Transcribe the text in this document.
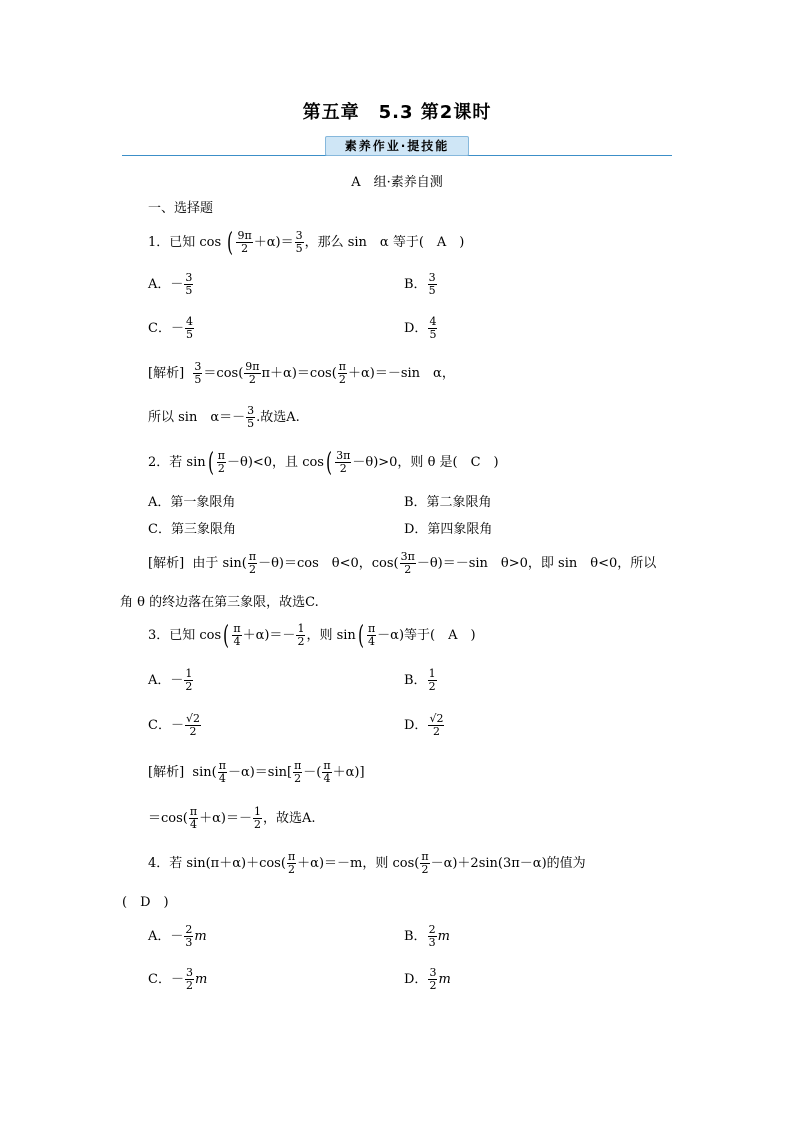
第五章　5.3 第2课时
素养作业·提技能
A　组·素养自测
一、选择题
1．已知 cos ( $\frac{9\pi}{2} +\alpha)= \frac{3}{5}$ ，那么 sin　α 等于(　A　)
A．－ $\frac{3}{5}$	B． $\frac{3}{5}$
C．－ $\frac{4}{5}$	D． $\frac{4}{5}$
[解析] $\frac{3}{5} =\cos( \frac{9\pi}{2} \pi+\alpha)=\cos( \frac{\pi}{2} +\alpha)=-\sin$　α，
所以 sin　$\alpha=- \frac{3}{5}$ .故选A.
2．若 $\sin( \frac{\pi}{2} -\theta)<0$，且 $\cos( \frac{3\pi}{2} -\theta)>0$，则 θ 是(　C　)
A．第一象限角	B．第二象限角
C．第三象限角	D．第四象限角
[解析] 由于 $\sin( \frac{\pi}{2} -\theta)=\cos$　θ<0，$\cos( \frac{3\pi}{2} -\theta)=-\sin$　θ>0，即 sin　θ<0，所以
角 θ 的终边落在第三象限，故选C.
3．已知 $\cos( \frac{\pi}{4} +\alpha)=- \frac{1}{2}$ ，则 $\sin( \frac{\pi}{4} -\alpha)$等于(　A　)
A．－ $\frac{1}{2}$	B． $\frac{1}{2}$
C．－ $\frac{√2}{2}$	D． $\frac{√2}{2}$
[解析] $\sin( \frac{\pi}{4} -\alpha)=\sin[ \frac{\pi}{2}$ －( $\frac{\pi}{4} +\alpha$)]
$=\cos( \frac{\pi}{4} +\alpha)=- \frac{1}{2}$ ，故选A.
4．若 $\sin(\pi+\alpha)+\cos( \frac{\pi}{2} +\alpha)=-m$，则 $\cos( \frac{\pi}{2} -\alpha)+2\sin(3\pi-\alpha)$的值为
(　D　)
A．－ $\frac{2}{3}$ m	B． $\frac{2}{3}$ m
C．－ $\frac{3}{2}$ m	D． $\frac{3}{2}$ m
